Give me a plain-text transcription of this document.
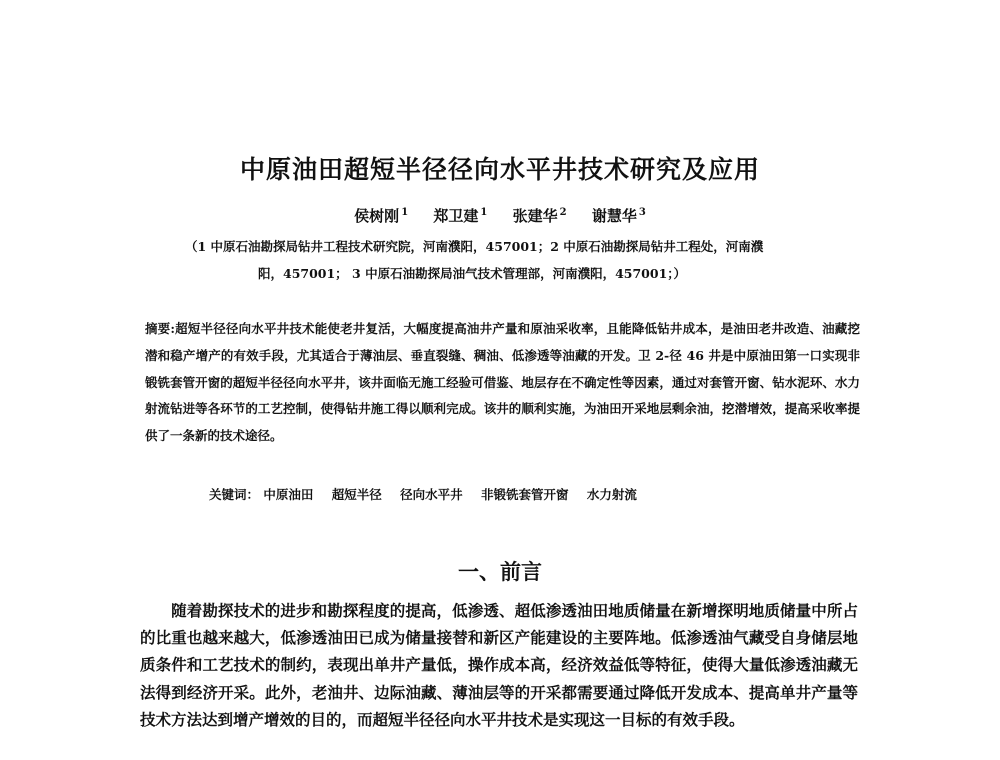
中原油田超短半径径向水平井技术研究及应用
侯树刚 $^1$ 郑卫建 $^1$ 张建华 $^2$ 谢慧华 $^3$
（1 中原石油勘探局钻井工程技术研究院，河南濮阳，457001；2 中原石油勘探局钻井工程处，河南濮
阳，457001； 3 中原石油勘探局油气技术管理部，河南濮阳，457001；）
摘要:超短半径径向水平井技术能使老井复活，大幅度提高油井产量和原油采收率，且能降低钻井成本，是油田老井改造、油藏挖潜和稳产增产的有效手段，尤其适合于薄油层、垂直裂缝、稠油、低渗透等油藏的开发。卫 2-径 46 井是中原油田第一口实现非锻铣套管开窗的超短半径径向水平井，该井面临无施工经验可借鉴、地层存在不确定性等因素，通过对套管开窗、钻水泥环、水力射流钻进等各环节的工艺控制，使得钻井施工得以顺利完成。该井的顺利实施，为油田开采地层剩余油，挖潜增效，提高采收率提供了一条新的技术途径。
关键词： 中原油田 超短半径 径向水平井 非锻铣套管开窗 水力射流
一、前言

随着勘探技术的进步和勘探程度的提高，低渗透、超低渗透油田地质储量在新增探明地质储量中所占的比重也越来越大，低渗透油田已成为储量接替和新区产能建设的主要阵地。低渗透油气藏受自身储层地质条件和工艺技术的制约，表现出单井产量低，操作成本高，经济效益低等特征，使得大量低渗透油藏无法得到经济开采。此外，老油井、边际油藏、薄油层等的开采都需要通过降低开发成本、提高单井产量等技术方法达到增产增效的目的，而超短半径径向水平井技术是实现这一目标的有效手段。
